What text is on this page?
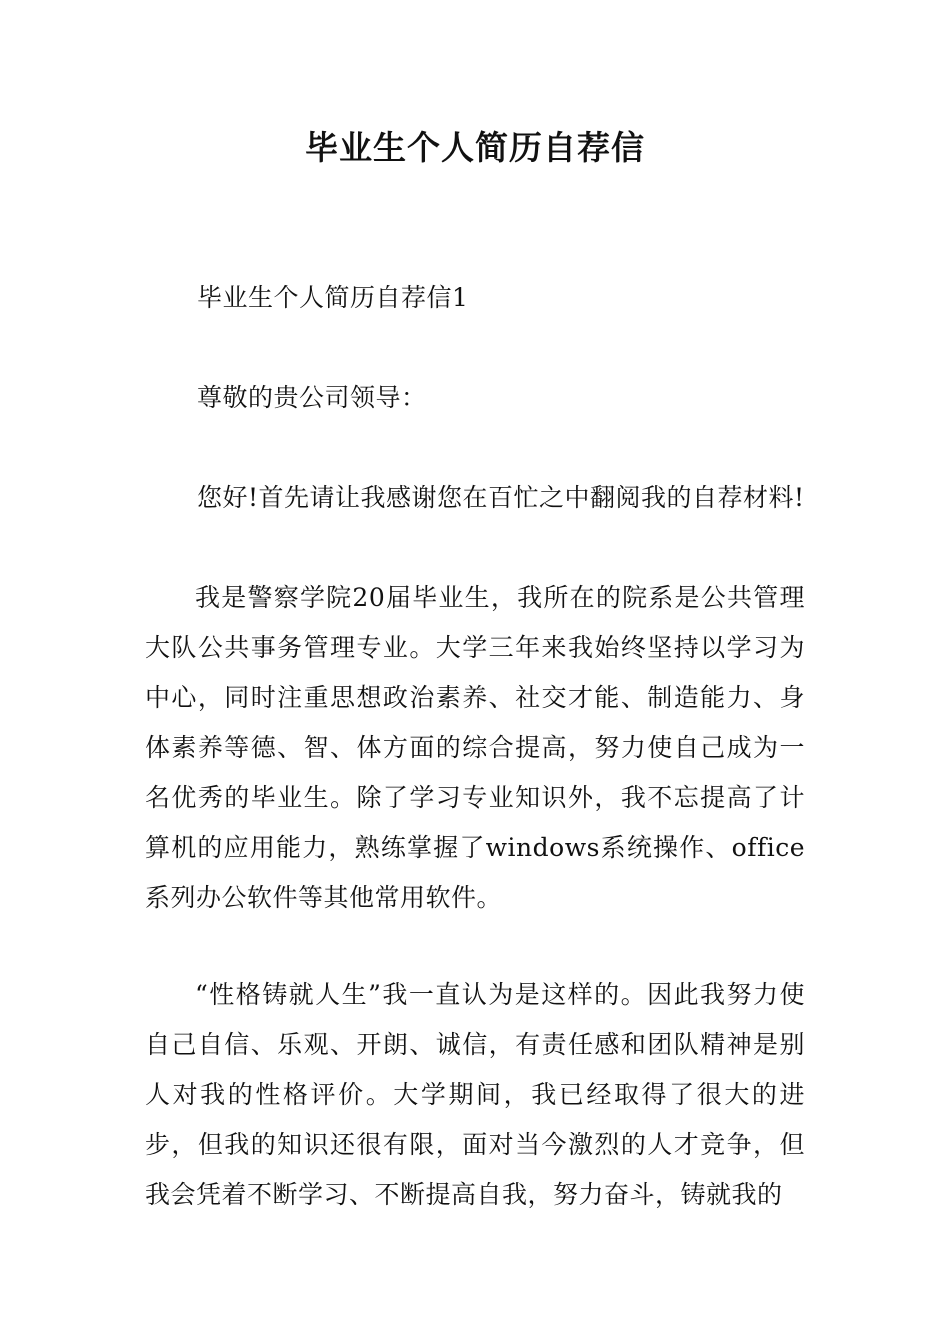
毕业生个人简历自荐信
毕业生个人简历自荐信1
尊敬的贵公司领导：
您好!首先请让我感谢您在百忙之中翻阅我的自荐材料!
我是警察学院20届毕业生，我所在的院系是公共管理大队公共事务管理专业。大学三年来我始终坚持以学习为中心，同时注重思想政治素养、社交才能、制造能力、身体素养等德、智、体方面的综合提高，努力使自己成为一名优秀的毕业生。除了学习专业知识外，我不忘提高了计算机的应用能力，熟练掌握了windows系统操作、office系列办公软件等其他常用软件。
“性格铸就人生”我一直认为是这样的。因此我努力使自己自信、乐观、开朗、诚信，有责任感和团队精神是别人对我的性格评价。大学期间，我已经取得了很大的进步，但我的知识还很有限，面对当今激烈的人才竞争，但我会凭着不断学习、不断提高自我，努力奋斗，铸就我的
